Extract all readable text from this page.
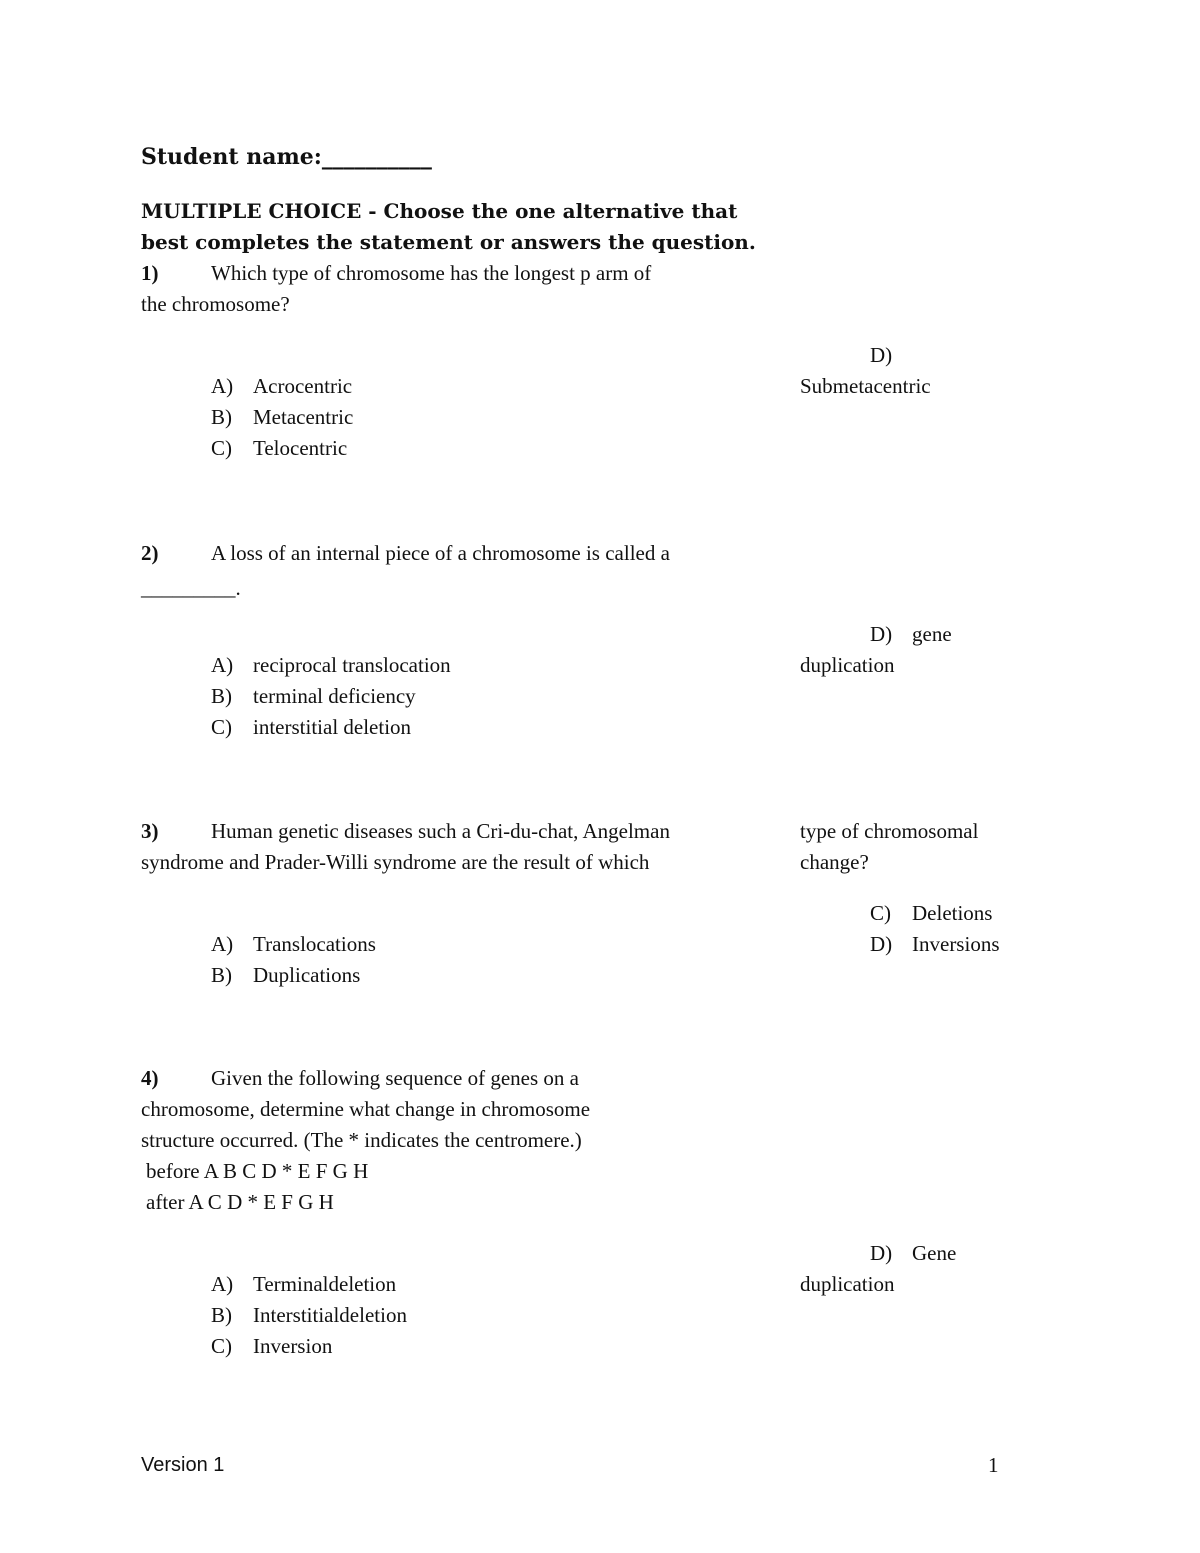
Student name:__________
MULTIPLE CHOICE - Choose the one alternative that
best completes the statement or answers the question.
1)	Which type of chromosome has the longest p arm of
the chromosome?
D)
Submetacentric
A) Acrocentric
B) Metacentric
C) Telocentric
2)	A loss of an internal piece of a chromosome is called a
_________.
D) gene
duplication
A) reciprocal translocation
B) terminal deficiency
C) interstitial deletion
3)	Human genetic diseases such a Cri-du-chat, Angelman
syndrome and Prader-Willi syndrome are the result of which
type of chromosomal
change?
C) Deletions
D) Inversions
A) Translocations
B) Duplications
4)	Given the following sequence of genes on a
chromosome, determine what change in chromosome
structure occurred. (The * indicates the centromere.)
before A B C D * E F G H
after A C D * E F G H
D) Gene
duplication
A) Terminaldeletion
B) Interstitialdeletion
C) Inversion
Version 1	1
